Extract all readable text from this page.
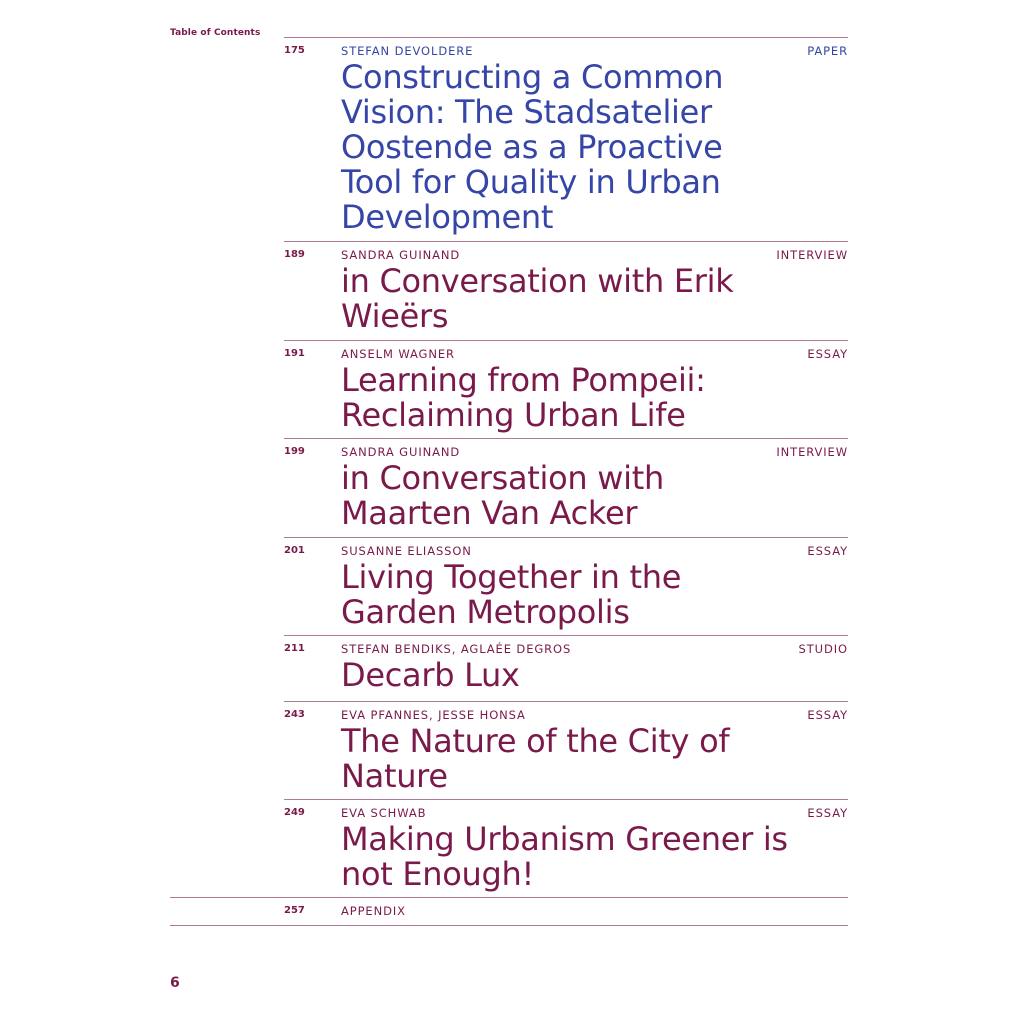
Table of Contents
175	STEFAN DEVOLDERE	PAPER
Constructing a Common Vision: The Stadsatelier Oostende as a Proactive Tool for Quality in Urban Development
189	SANDRA GUINAND	INTERVIEW
in Conversation with Erik Wieërs
191	ANSELM WAGNER	ESSAY
Learning from Pompeii: Reclaiming Urban Life
199	SANDRA GUINAND	INTERVIEW
in Conversation with Maarten Van Acker
201	SUSANNE ELIASSON	ESSAY
Living Together in the Garden Metropolis
211	STEFAN BENDIKS, AGLAÉE DEGROS	STUDIO
Decarb Lux
243	EVA PFANNES, JESSE HONSA	ESSAY
The Nature of the City of Nature
249	EVA SCHWAB	ESSAY
Making Urbanism Greener is not Enough!
257	APPENDIX
6
